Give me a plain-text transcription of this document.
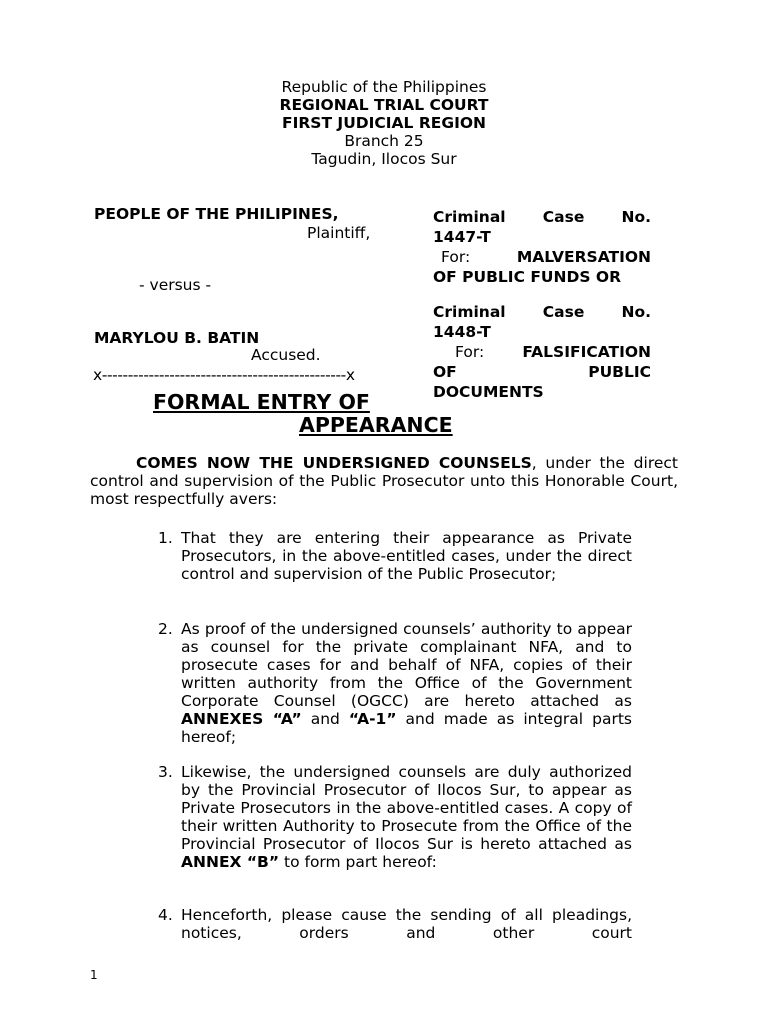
Republic of the Philippines
REGIONAL TRIAL COURT
FIRST JUDICIAL REGION
Branch 25
Tagudin, Ilocos Sur
PEOPLE OF THE PHILIPINES,
Plaintiff,
- versus -
MARYLOU B. BATIN
Accused.
x-----------------------------------------------x
Criminal Case No.
1447-T
For:	MALVERSATION
OF PUBLIC FUNDS OR
Criminal Case No.
1448-T
For: FALSIFICATION
OF PUBLIC
DOCUMENTS
FORMAL ENTRY OF
APPEARANCE
COMES NOW THE UNDERSIGNED COUNSELS, under the direct control and supervision of the Public Prosecutor unto this Honorable Court, most respectfully avers:
1. That they are entering their appearance as Private Prosecutors, in the above-entitled cases, under the direct control and supervision of the Public Prosecutor;
2. As proof of the undersigned counsels’ authority to appear as counsel for the private complainant NFA, and to prosecute cases for and behalf of NFA, copies of their written authority from the Office of the Government Corporate Counsel (OGCC) are hereto attached as ANNEXES “A” and “A-1” and made as integral parts hereof;
3. Likewise, the undersigned counsels are duly authorized by the Provincial Prosecutor of Ilocos Sur, to appear as Private Prosecutors in the above-entitled cases. A copy of their written Authority to Prosecute from the Office of the Provincial Prosecutor of Ilocos Sur is hereto attached as ANNEX “B” to form part hereof:
4. Henceforth, please cause the sending of all pleadings, notices, orders and other court
1
